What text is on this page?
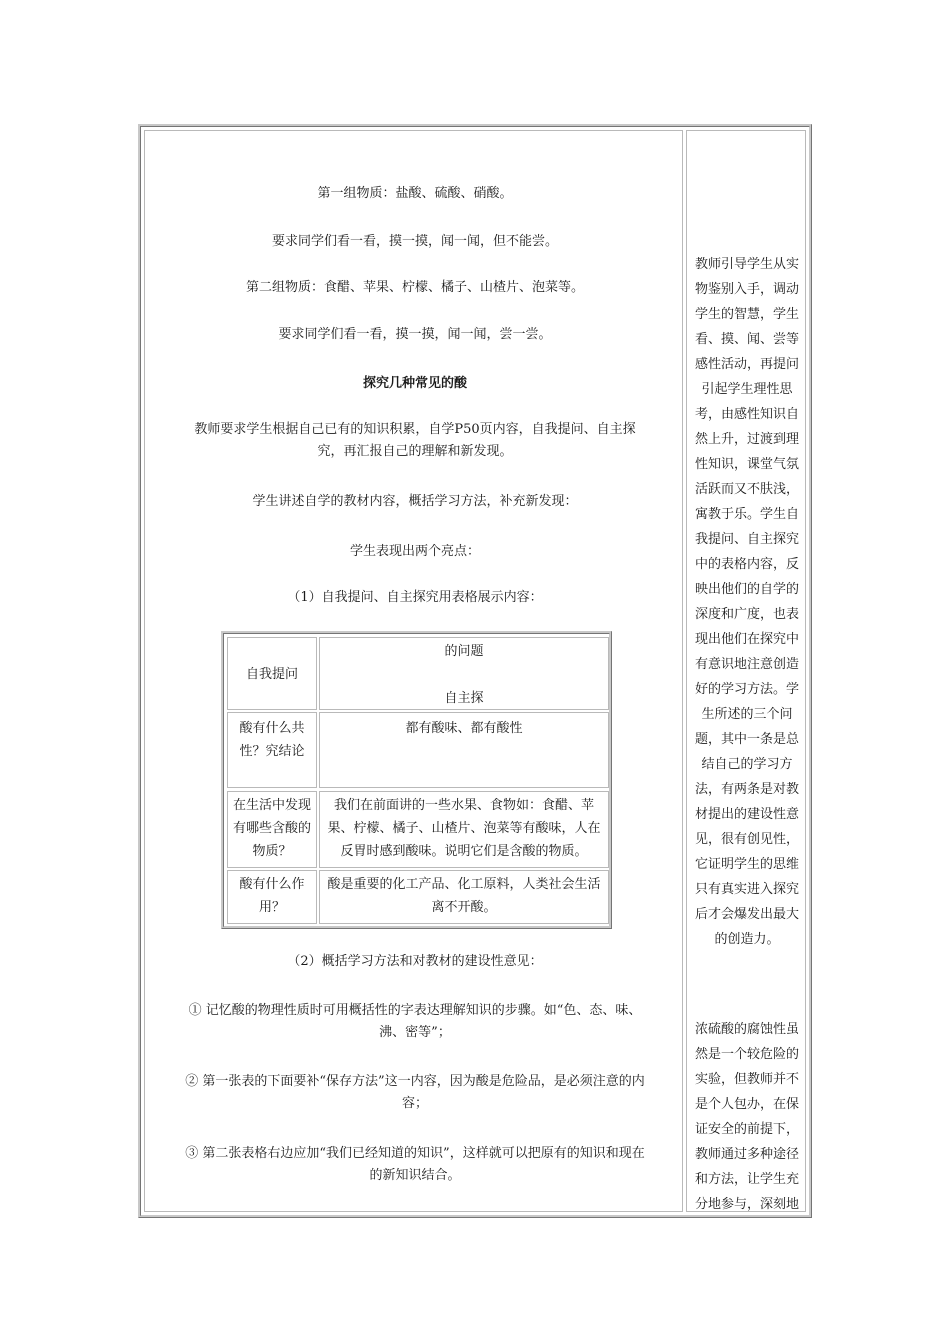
第一组物质：盐酸、硫酸、硝酸。

要求同学们看一看，摸一摸，闻一闻，但不能尝。

第二组物质：食醋、苹果、柠檬、橘子、山楂片、泡菜等。

要求同学们看一看，摸一摸，闻一闻，尝一尝。

探究几种常见的酸

教师要求学生根据自己已有的知识积累，自学P50页内容，自我提问、自主探究，再汇报自己的理解和新发现。

学生讲述自学的教材内容，概括学习方法，补充新发现：

学生表现出两个亮点：

（1）自我提问、自主探究用表格展示内容：

自我提问
的问题
自主探
酸有什么共性？究结论
都有酸味、都有酸性
在生活中发现有哪些含酸的物质？
我们在前面讲的一些水果、食物如：食醋、苹果、柠檬、橘子、山楂片、泡菜等有酸味，人在反胃时感到酸味。说明它们是含酸的物质。
酸有什么作用？
酸是重要的化工产品、化工原料，人类社会生活离不开酸。

（2）概括学习方法和对教材的建设性意见：

① 记忆酸的物理性质时可用概括性的字表达理解知识的步骤。如“色、态、味、沸、密等”；

② 第一张表的下面要补“保存方法”这一内容，因为酸是危险品，是必须注意的内容；

③ 第二张表格右边应加“我们已经知道的知识”，这样就可以把原有的知识和现在的新知识结合。

教师引导学生从实物鉴别入手，调动学生的智慧，学生看、摸、闻、尝等感性活动，再提问引起学生理性思考，由感性知识自然上升，过渡到理性知识，课堂气氛活跃而又不肤浅，寓教于乐。学生自我提问、自主探究中的表格内容，反映出他们的自学的深度和广度，也表现出他们在探究中有意识地注意创造好的学习方法。学生所述的三个问题，其中一条是总结自己的学习方法，有两条是对教材提出的建设性意见，很有创见性，它证明学生的思维只有真实进入探究后才会爆发出最大的创造力。

浓硫酸的腐蚀性虽然是一个较危险的实验，但教师并不是个人包办，在保证安全的前提下，教师通过多种途径和方法，让学生充分地参与，深刻地
